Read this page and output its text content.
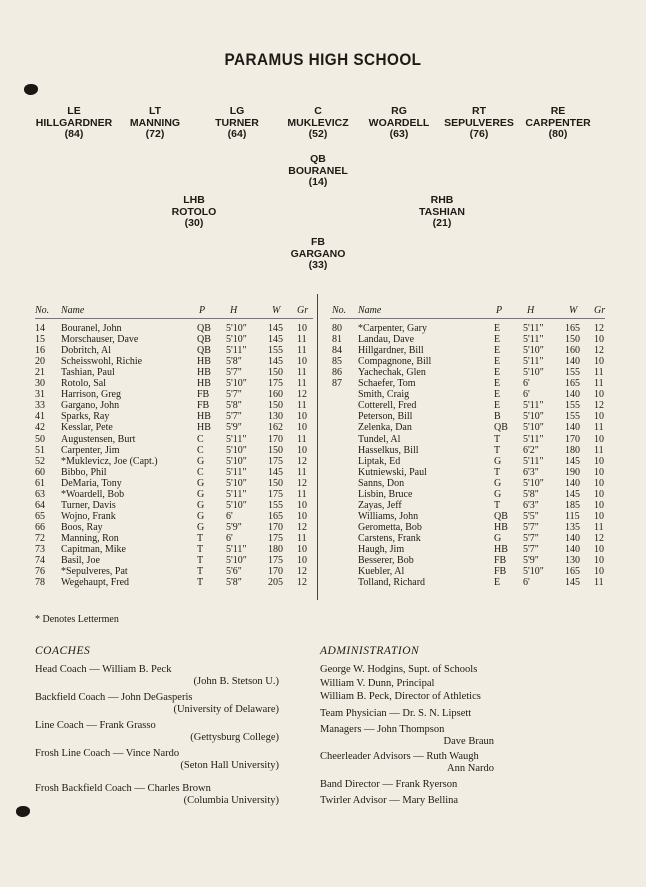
PARAMUS HIGH SCHOOL
LE
HILLGARDNER
(84)
LT
MANNING
(72)
LG
TURNER
(64)
C
MUKLEVICZ
(52)
RG
WOARDELL
(63)
RT
SEPULVERES
(76)
RE
CARPENTER
(80)
QB
BOURANEL
(14)
LHB
ROTOLO
(30)
RHB
TASHIAN
(21)
FB
GARGANO
(33)
No. Name	P H	W Gr No. Name	P H	W Gr
14 Bouranel, John	QB 5'10" 145 10
15 Morschauser, Dave	QB 5'10" 145 11
16 Dobritch, Al	QB 5'11" 155 11
20 Scheisswohl, Richie	HB 5'8"	145 10
21 Tashian, Paul	HB 5'7"	150 11
30 Rotolo, Sal	HB 5'10" 175 11
31 Harrison, Greg	FB 5'7"	160 12
33 Gargano, John	FB 5'8"	150 11
41 Sparks, Ray	HB 5'7"	130 10
42 Kesslar, Pete	HB 5'9"	162 10
50 Augustensen, Burt	C 5'11" 170 11
51 Carpenter, Jim	C 5'10" 150 10
52 *Muklevicz, Joe (Capt.)	G 5'10" 175 12
60 Bibbo, Phil	C 5'11" 145 11
61 DeMaria, Tony	G 5'10" 150 12
63 *Woardell, Bob	G 5'11" 175 11
64 Turner, Davis	G 5'10" 155 10
65 Wojno, Frank	G 6'	165 10
66 Boos, Ray	G 5'9"	170 12
72 Manning, Ron	T 6'	175 11
73 Capitman, Mike	T 5'11" 180 10
74 Basil, Joe	T 5'10" 175 10
76 *Sepulveres, Pat	T 5'6"	170 12
78 Wegehaupt, Fred	T 5'8"	205 12
80 *Carpenter, Gary	E 5'11" 165 12
81 Landau, Dave	E 5'11" 150 10
84 Hillgardner, Bill	E 5'10" 160 12
85 Compagnone, Bill	E 5'11" 140 10
86 Yachechak, Glen	E 5'10" 155 11
87 Schaefer, Tom	E 6'	165 11
Smith, Craig	E 6'	140 10
Cotterell, Fred	E 5'11" 155 12
Peterson, Bill	B 5'10" 155 10
Zelenka, Dan	QB 5'10" 140 11
Tundel, Al	T 5'11" 170 10
Hasselkus, Bill	T 6'2"	180 11
Liptak, Ed	G 5'11" 145 10
Kutniewski, Paul	T 6'3"	190 10
Sanns, Don	G 5'10" 140 10
Lisbin, Bruce	G 5'8"	145 10
Zayas, Jeff	T 6'3"	185 10
Williams, John	QB 5'5"	115 10
Gerometta, Bob	HB 5'7"	135 11
Carstens, Frank	G 5'7"	140 12
Haugh, Jim	HB 5'7"	140 10
Besserer, Bob	FB 5'9"	130 10
Kuebler, Al	FB 5'10" 165 10
Tolland, Richard	E 6'	145 11
* Denotes Lettermen
COACHES
Head Coach — William B. Peck
(John B. Stetson U.)
Backfield Coach — John DeGasperis
(University of Delaware)
Line Coach — Frank Grasso
(Gettysburg College)
Frosh Line Coach — Vince Nardo
(Seton Hall University)
Frosh Backfield Coach — Charles Brown
(Columbia University)
ADMINISTRATION
George W. Hodgins, Supt. of Schools
William V. Dunn, Principal
William B. Peck, Director of Athletics
Team Physician — Dr. S. N. Lipsett
Managers — John Thompson
Dave Braun
Cheerleader Advisors — Ruth Waugh
Ann Nardo
Band Director — Frank Ryerson
Twirler Advisor — Mary Bellina
